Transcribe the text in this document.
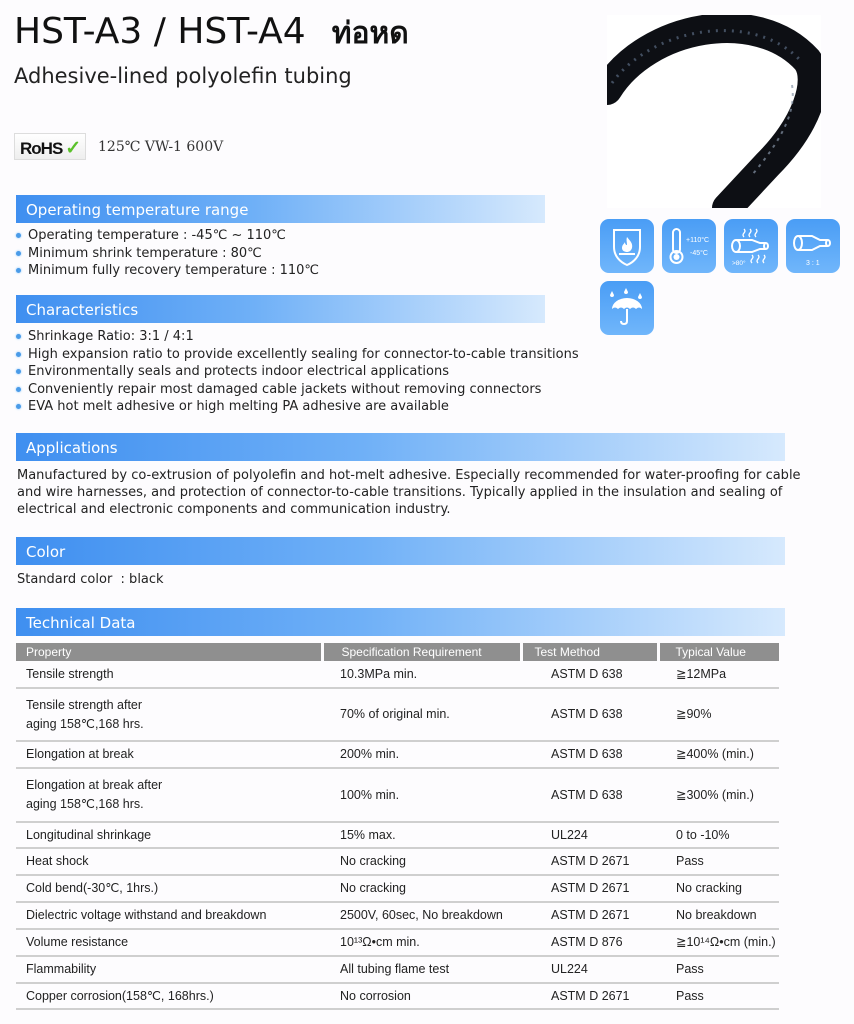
HST-A3 / HST-A4 ท่อหด
Adhesive-lined polyolefin tubing
RoHS ✓	125℃ VW-1 600V
+110°C
-45°C
>80°	3 : 1
Operating temperature range
Operating temperature : -45℃ ~ 110℃
Minimum shrink temperature : 80℃
Minimum fully recovery temperature : 110℃
Characteristics
Shrinkage Ratio: 3:1 / 4:1
High expansion ratio to provide excellently sealing for connector-to-cable transitions
Environmentally seals and protects indoor electrical applications
Conveniently repair most damaged cable jackets without removing connectors
EVA hot melt adhesive or high melting PA adhesive are available
Applications
Manufactured by co-extrusion of polyolefin and hot-melt adhesive. Especially recommended for water-proofing for cable and wire harnesses, and protection of connector-to-cable transitions. Typically applied in the insulation and sealing of electrical and electronic components and communication industry.
Color
Standard color  : black
Technical Data
Property	Specification Requirement	Test Method	Typical Value
Tensile strength	10.3MPa min.	ASTM D 638	≧12MPa
Tensile strength after
aging 158℃,168 hrs.	70% of original min.	ASTM D 638	≧90%
Elongation at break	200% min.	ASTM D 638	≧400% (min.)
Elongation at break after
aging 158℃,168 hrs.	100% min.	ASTM D 638	≧300% (min.)
Longitudinal shrinkage	15% max.	UL224	0 to -10%
Heat shock	No cracking	ASTM D 2671	Pass
Cold bend(-30℃, 1hrs.)	No cracking	ASTM D 2671	No cracking
Dielectric voltage withstand and breakdown	2500V, 60sec, No breakdown	ASTM D 2671	No breakdown
Volume resistance	10¹³Ω•cm min.	ASTM D 876	≧10¹⁴Ω•cm (min.)
Flammability	All tubing flame test	UL224	Pass
Copper corrosion(158℃, 168hrs.)	No corrosion	ASTM D 2671	Pass
